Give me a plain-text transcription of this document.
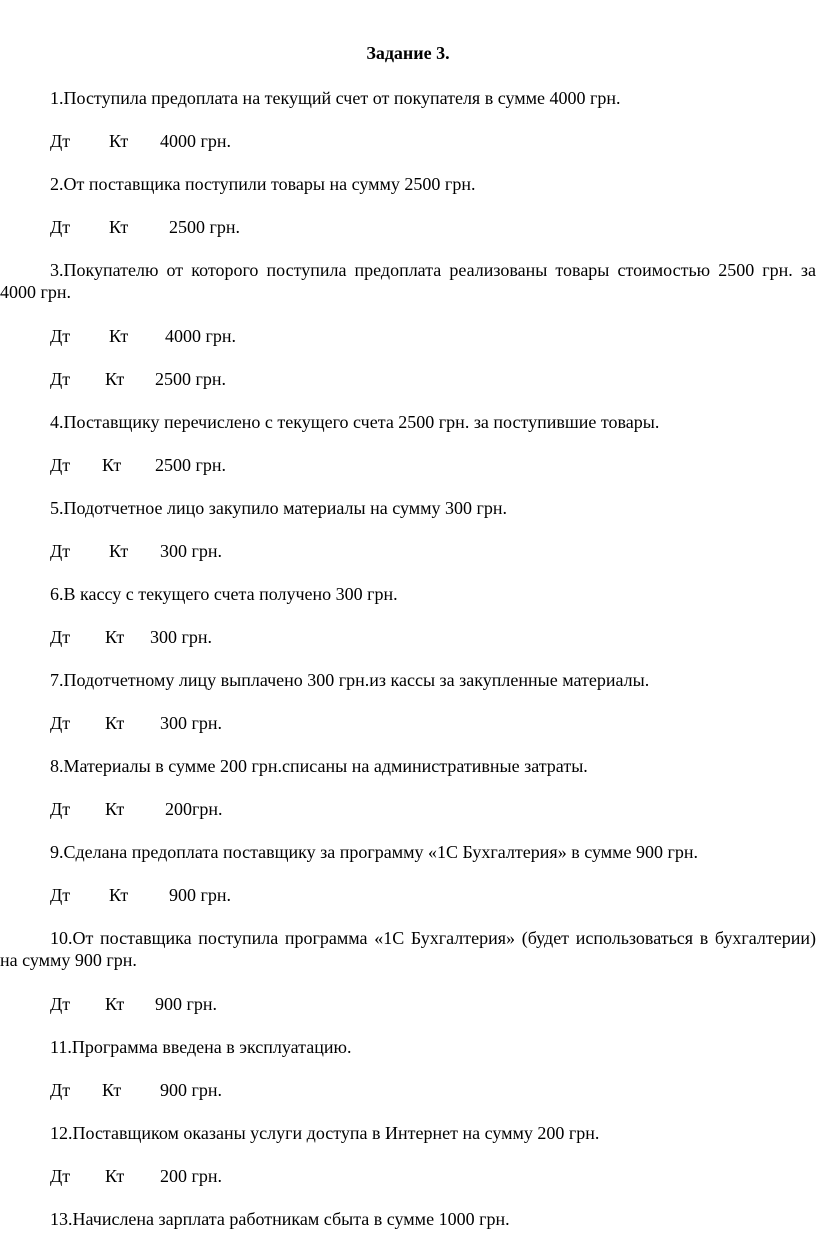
Задание 3.

1.Поступила предоплата на текущий счет от покупателя в сумме 4000 грн.

Дт Кт 4000 грн.

2.От поставщика поступили товары на сумму 2500 грн.

Дт Кт 2500 грн.

3.Покупателю от которого поступила предоплата реализованы товары стоимостью 2500 грн. за 4000 грн.

Дт Кт 4000 грн.
Дт Кт 2500 грн.

4.Поставщику перечислено с текущего счета 2500 грн. за поступившие товары.

Дт Кт 2500 грн.

5.Подотчетное лицо закупило материалы на сумму 300 грн.

Дт Кт 300 грн.

6.В кассу с текущего счета получено 300 грн.

Дт Кт 300 грн.

7.Подотчетному лицу выплачено 300 грн.из кассы за закупленные материалы.

Дт Кт 300 грн.

8.Материалы в сумме 200 грн.списаны на административные затраты.

Дт Кт 200грн.

9.Сделана предоплата поставщику за программу «1С Бухгалтерия» в сумме 900 грн.

Дт Кт 900 грн.

10.От поставщика поступила программа «1С Бухгалтерия» (будет использоваться в бухгалтерии) на сумму 900 грн.

Дт Кт 900 грн.

11.Программа введена в эксплуатацию.

Дт Кт 900 грн.

12.Поставщиком оказаны услуги доступа в Интернет на сумму 200 грн.

Дт Кт 200 грн.

13.Начислена зарплата работникам сбыта в сумме 1000 грн.
